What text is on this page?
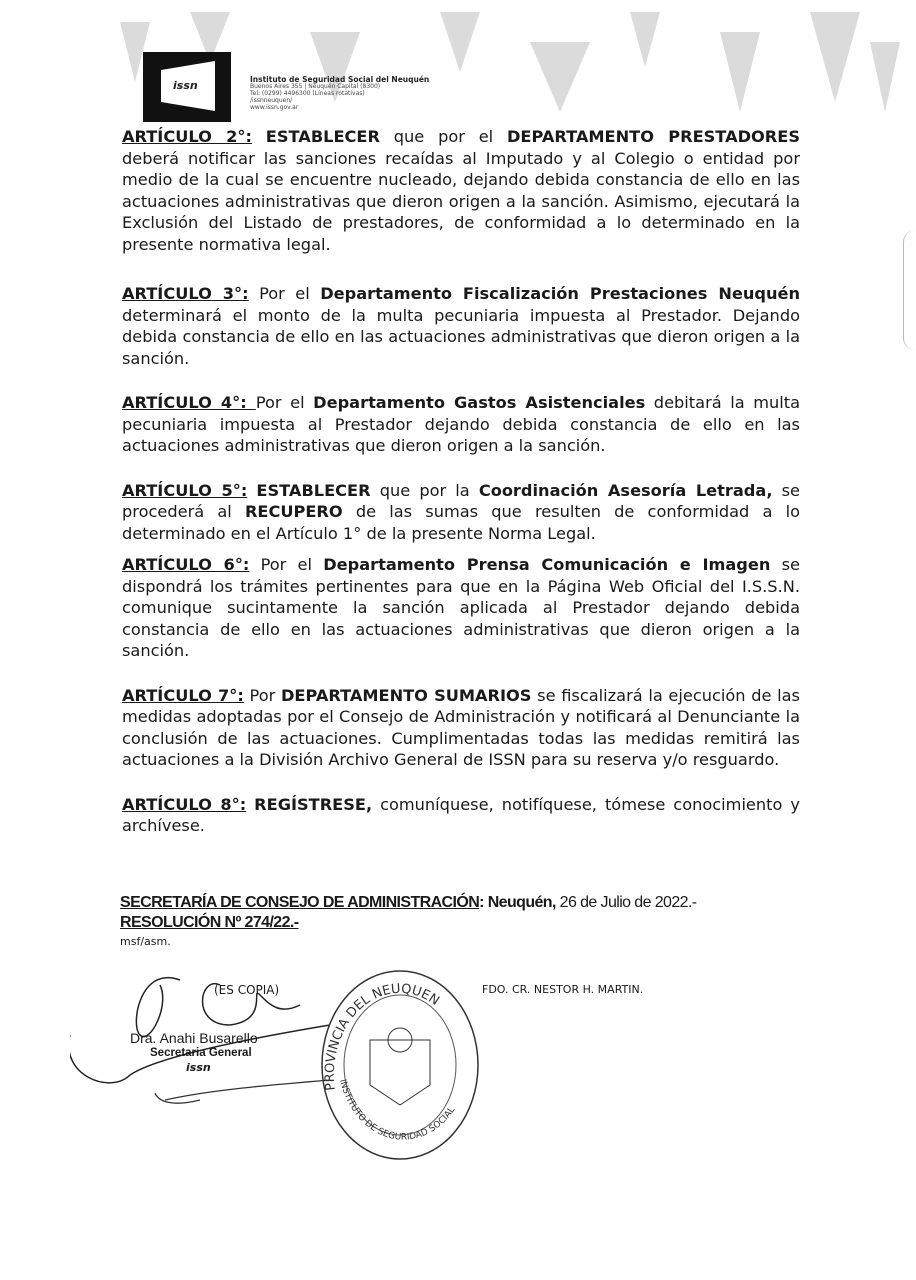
issn	Instituto de Seguridad Social del Neuquén
Buenos Aires 355 | Neuquén Capital (8300)
Tel: (0299) 4496300 (Líneas rotativas)
/issnneuquen/
www.issn.gov.ar

ARTÍCULO 2°: ESTABLECER que por el DEPARTAMENTO PRESTADORES deberá notificar las sanciones recaídas al Imputado y al Colegio o entidad por medio de la cual se encuentre nucleado, dejando debida constancia de ello en las actuaciones administrativas que dieron origen a la sanción. Asimismo, ejecutará la Exclusión del Listado de prestadores, de conformidad a lo determinado en la presente normativa legal.

ARTÍCULO 3°: Por el Departamento Fiscalización Prestaciones Neuquén determinará el monto de la multa pecuniaria impuesta al Prestador. Dejando debida constancia de ello en las actuaciones administrativas que dieron origen a la sanción.

ARTÍCULO 4°: Por el Departamento Gastos Asistenciales debitará la multa pecuniaria impuesta al Prestador dejando debida constancia de ello en las actuaciones administrativas que dieron origen a la sanción.

ARTÍCULO 5°: ESTABLECER que por la Coordinación Asesoría Letrada, se procederá al RECUPERO de las sumas que resulten de conformidad a lo determinado en el Artículo 1° de la presente Norma Legal.

ARTÍCULO 6°: Por el Departamento Prensa Comunicación e Imagen se dispondrá los trámites pertinentes para que en la Página Web Oficial del I.S.S.N. comunique sucintamente la sanción aplicada al Prestador dejando debida constancia de ello en las actuaciones administrativas que dieron origen a la sanción.

ARTÍCULO 7°: Por DEPARTAMENTO SUMARIOS se fiscalizará la ejecución de las medidas adoptadas por el Consejo de Administración y notificará al Denunciante la conclusión de las actuaciones. Cumplimentadas todas las medidas remitirá las actuaciones a la División Archivo General de ISSN para su reserva y/o resguardo.

ARTÍCULO 8°: REGÍSTRESE, comuníquese, notifíquese, tómese conocimiento y archívese.

SECRETARÍA DE CONSEJO DE ADMINISTRACIÓN: Neuquén, 26 de Julio de 2022.-
RESOLUCIÓN Nº 274/22.-
msf/asm.
(ES COPIA)
Dra. Anahi Busarello
Secretaria General
issn
PROVINCIA DEL NEUQUEN
INSTITUTO DE SEGURIDAD SOCIAL
FDO. CR. NESTOR H. MARTIN.
